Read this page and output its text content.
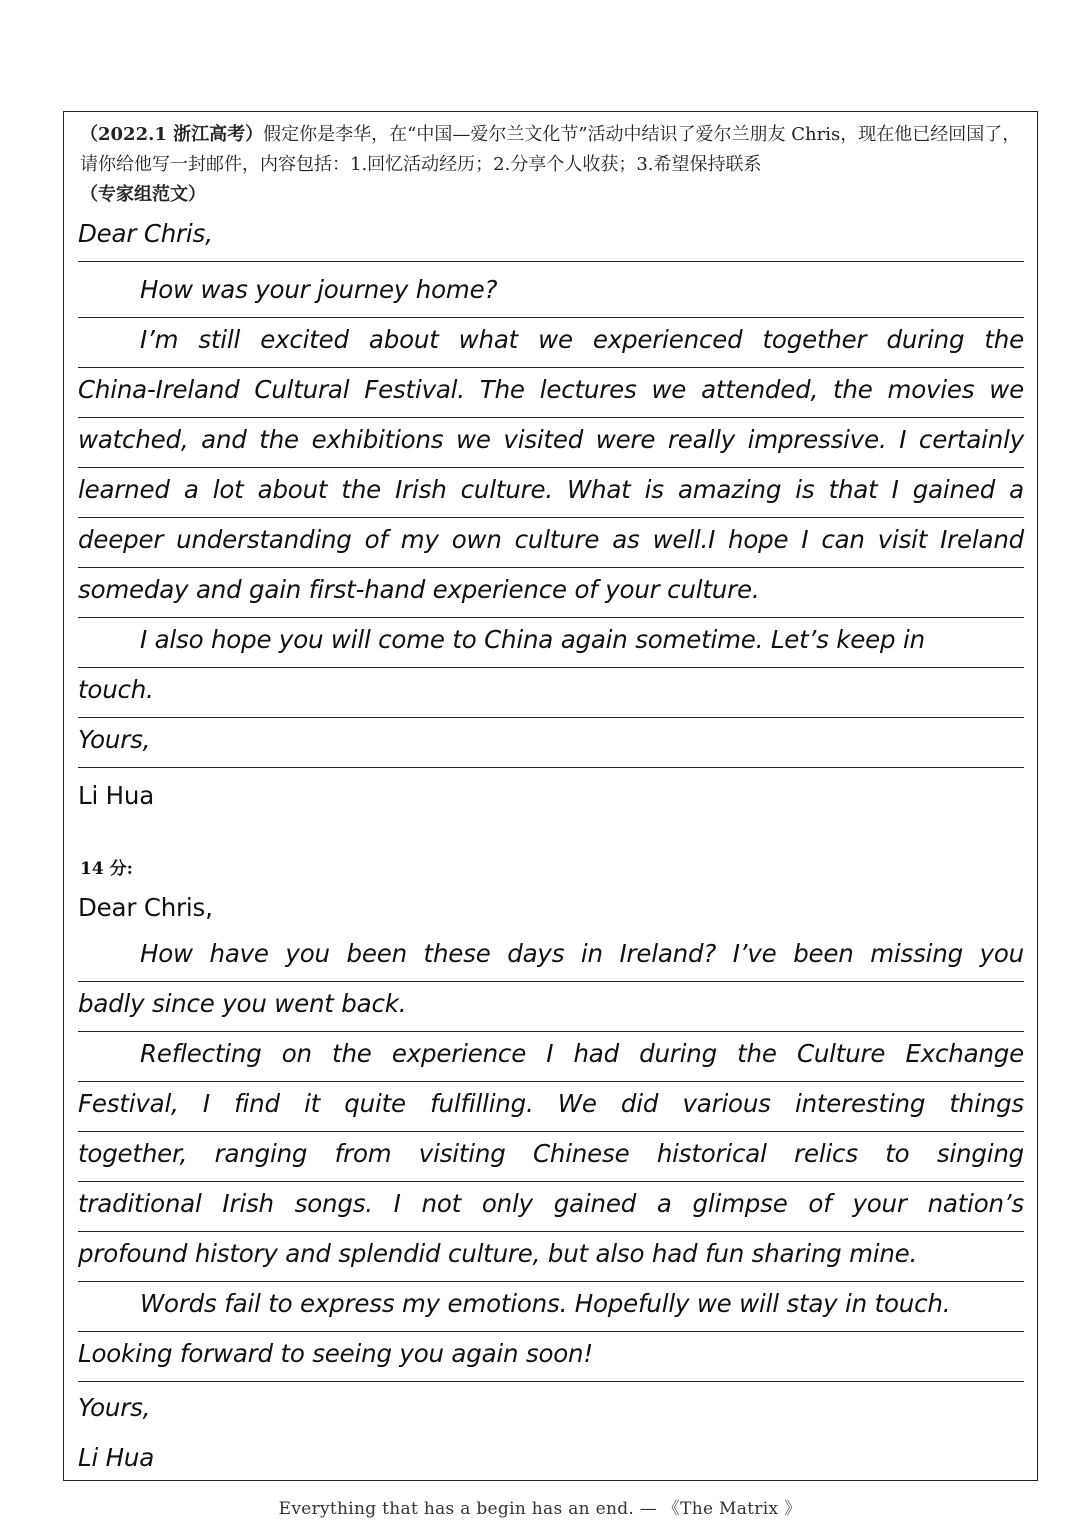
（2022.1 浙江高考）假定你是李华，在“中国—爱尔兰文化节”活动中结识了爱尔兰朋友 Chris，现在他已经回国了，请你给他写一封邮件，内容包括：1.回忆活动经历；2.分享个人收获；3.希望保持联系
（专家组范文）
Dear Chris,
How was your journey home?
I’m still excited about what we experienced together during the
China-Ireland Cultural Festival. The lectures we attended, the movies we
watched, and the exhibitions we visited were really impressive. I certainly
learned a lot about the Irish culture. What is amazing is that I gained a
deeper understanding of my own culture as well.I hope I can visit Ireland
someday and gain first-hand experience of your culture.
I also hope you will come to China again sometime. Let’s keep in
touch.
Yours,
Li Hua
14 分:
Dear Chris,
How have you been these days in Ireland? I’ve been missing you
badly since you went back.
Reflecting on the experience I had during the Culture Exchange
Festival, I find it quite fulfilling. We did various interesting things
together, ranging from visiting Chinese historical relics to singing
traditional Irish songs. I not only gained a glimpse of your nation’s
profound history and splendid culture, but also had fun sharing mine.
Words fail to express my emotions. Hopefully we will stay in touch.
Looking forward to seeing you again soon!
Yours,
Li Hua
Everything that has a begin has an end. — 《The Matrix 》
